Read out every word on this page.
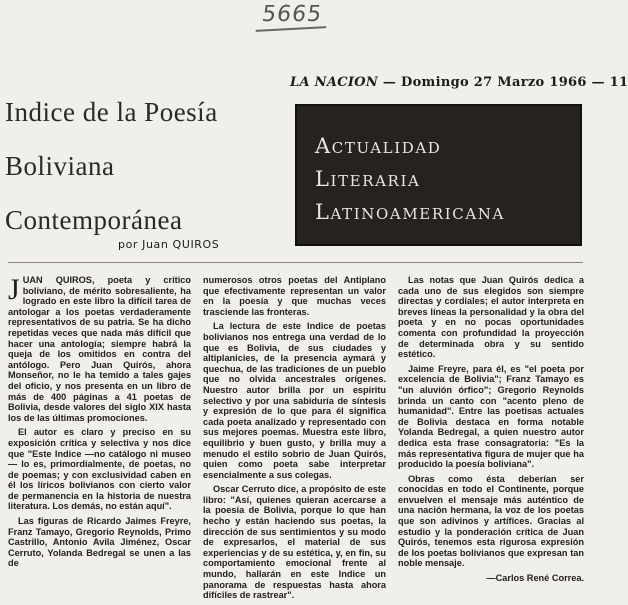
5665
LA NACION — Domingo 27 Marzo 1966 — 11
Indice de la Poesía
Boliviana
Contemporánea
por Juan QUIROS
Actualidad
Literaria
Latinoamericana

JUAN QUIROS, poeta y crítico boliviano, de mérito sobresaliente, ha logrado en este libro la difícil tarea de antologar a los poetas verdaderamente representativos de su patria. Se ha dicho repetidas veces que nada más difícil que hacer una antología; siempre habrá la queja de los omitidos en contra del antólogo. Pero Juan Quirós, ahora Monseñor, no le ha temido a tales gajes del oficio, y nos presenta en un libro de más de 400 páginas a 41 poetas de Bolivia, desde valores del siglo XIX hasta los de las últimas promociones.

El autor es claro y preciso en su exposición crítica y selectiva y nos dice que "Este Indice —no catálogo ni museo— lo es, primordialmente, de poetas, no de poemas; y con exclusividad caben en él los líricos bolivianos con cierto valor de permanencia en la historia de nuestra literatura. Los demás, no están aquí".

Las figuras de Ricardo Jaimes Freyre, Franz Tamayo, Gregorio Reynolds, Primo Castrillo, Antonio Avila Jiménez, Oscar Cerruto, Yolanda Bedregal se unen a las de

numerosos otros poetas del Antiplano que efectivamente representan un valor en la poesía y que muchas veces trasciende las fronteras.

La lectura de este Indice de poetas bolivianos nos entrega una verdad de lo que es Bolivia, de sus ciudades y altiplanicies, de la presencia aymará y quechua, de las tradiciones de un pueblo que no olvida ancestrales orígenes. Nuestro autor brilla por un espíritu selectivo y por una sabiduría de síntesis y expresión de lo que para él significa cada poeta analizado y representado con sus mejores poemas. Muestra este libro, equilibrio y buen gusto, y brilla muy a menudo el estilo sobrio de Juan Quirós, quien como poeta sabe interpretar esencialmente a sus colegas.

Oscar Cerruto dice, a propósito de este libro: "Así, quienes quieran acercarse a la poesía de Bolivia, porque lo que han hecho y están haciendo sus poetas, la dirección de sus sentimientos y su modo de expresarlos, el material de sus experiencias y de su estética, y, en fin, su comportamiento emocional frente al mundo, hallarán en este Indice un panorama de respuestas hasta ahora difíciles de rastrear".

Las notas que Juan Quirós dedica a cada uno de sus elegidos son siempre directas y cordiales; el autor interpreta en breves líneas la personalidad y la obra del poeta y en no pocas oportunidades comenta con profundidad la proyección de determinada obra y su sentido estético.

Jaime Freyre, para él, es "el poeta por excelencia de Bolivia"; Franz Tamayo es "un aluvión órfico"; Gregorio Reynolds brinda un canto con "acento pleno de humanidad". Entre las poetisas actuales de Bolivia destaca en forma notable Yolanda Bedregal, a quien nuestro autor dedica esta frase consagratoria: "Es la más representativa figura de mujer que ha producido la poesía boliviana".

Obras como ésta deberían ser conocidas en todo el Continente, porque envuelven el mensaje más auténtico de una nación hermana, la voz de los poetas que son adivinos y artífices. Gracias al estudio y la ponderación crítica de Juan Quirós, tenemos esta rigurosa expresión de los poetas bolivianos que expresan tan noble mensaje.

—Carlos René Correa.
